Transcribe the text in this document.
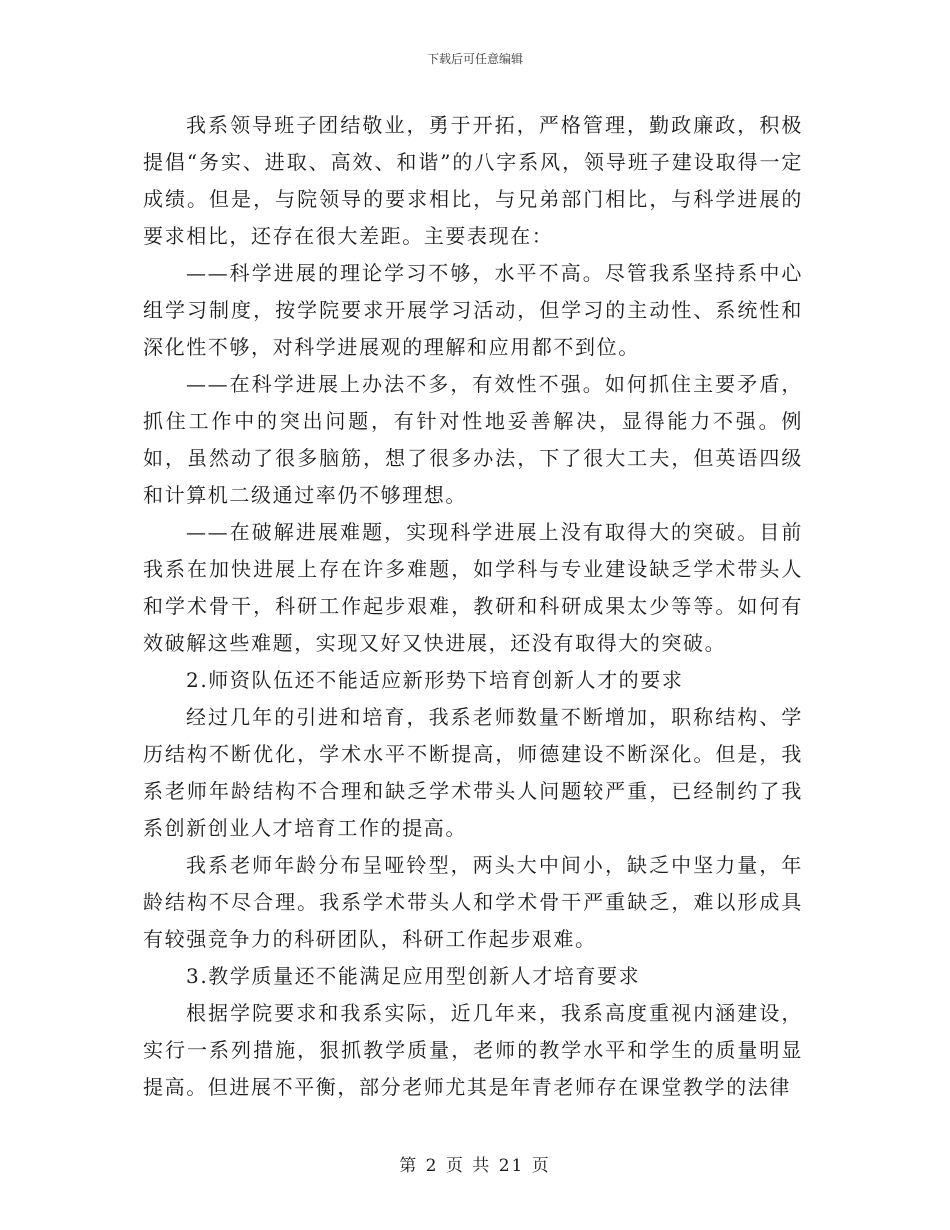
下载后可任意编辑

我系领导班子团结敬业，勇于开拓，严格管理，勤政廉政，积极提倡“务实、进取、高效、和谐”的八字系风，领导班子建设取得一定成绩。但是，与院领导的要求相比，与兄弟部门相比，与科学进展的要求相比，还存在很大差距。主要表现在：

——科学进展的理论学习不够，水平不高。尽管我系坚持系中心组学习制度，按学院要求开展学习活动，但学习的主动性、系统性和深化性不够，对科学进展观的理解和应用都不到位。

——在科学进展上办法不多，有效性不强。如何抓住主要矛盾，抓住工作中的突出问题，有针对性地妥善解决，显得能力不强。例如，虽然动了很多脑筋，想了很多办法，下了很大工夫，但英语四级和计算机二级通过率仍不够理想。

——在破解进展难题，实现科学进展上没有取得大的突破。目前我系在加快进展上存在许多难题，如学科与专业建设缺乏学术带头人和学术骨干，科研工作起步艰难，教研和科研成果太少等等。如何有效破解这些难题，实现又好又快进展，还没有取得大的突破。

2.师资队伍还不能适应新形势下培育创新人才的要求

经过几年的引进和培育，我系老师数量不断增加，职称结构、学历结构不断优化，学术水平不断提高，师德建设不断深化。但是，我系老师年龄结构不合理和缺乏学术带头人问题较严重，已经制约了我系创新创业人才培育工作的提高。

我系老师年龄分布呈哑铃型，两头大中间小，缺乏中坚力量，年龄结构不尽合理。我系学术带头人和学术骨干严重缺乏，难以形成具有较强竞争力的科研团队，科研工作起步艰难。

3.教学质量还不能满足应用型创新人才培育要求

根据学院要求和我系实际，近几年来，我系高度重视内涵建设，实行一系列措施，狠抓教学质量，老师的教学水平和学生的质量明显提高。但进展不平衡，部分老师尤其是年青老师存在课堂教学的法律

第 2 页 共 21 页
